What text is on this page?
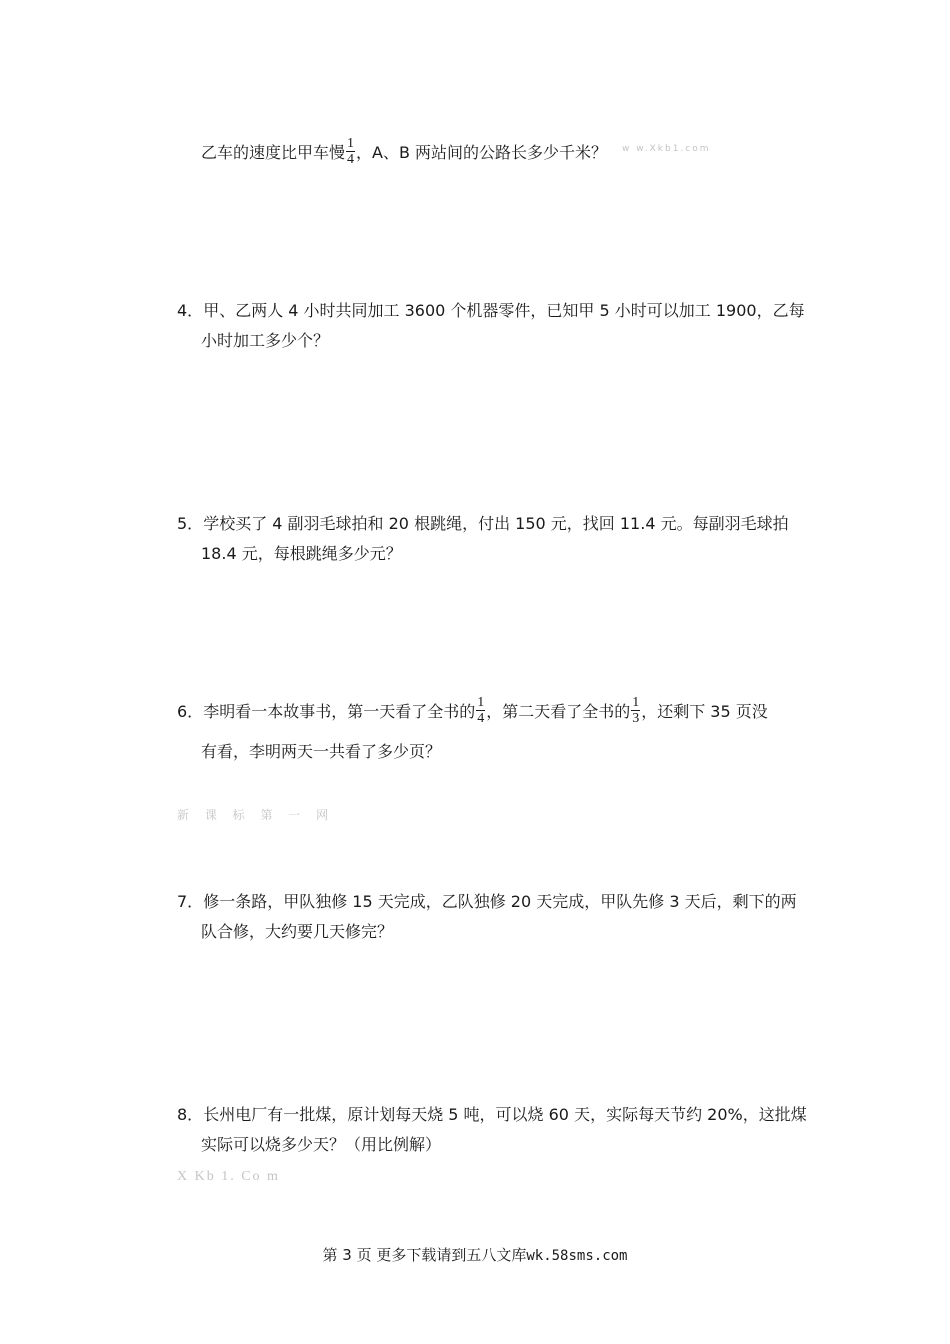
乙车的速度比甲车慢 $\frac{1}{4}$ ，A、B 两站间的公路长多少千米？ w w.Xkb1.com
4．甲、乙两人 4 小时共同加工 3600 个机器零件，已知甲 5 小时可以加工 1900，乙每
小时加工多少个？
5．学校买了 4 副羽毛球拍和 20 根跳绳，付出 150 元，找回 11.4 元。每副羽毛球拍
18.4 元，每根跳绳多少元？
6．李明看一本故事书，第一天看了全书的 $\frac{1}{4}$ ，第二天看了全书的 $\frac{1}{3}$ ，还剩下 35 页没
有看，李明两天一共看了多少页？
新 课 标 第 一 网
7．修一条路，甲队独修 15 天完成，乙队独修 20 天完成，甲队先修 3 天后，剩下的两
队合修，大约要几天修完？
8．长州电厂有一批煤，原计划每天烧 5 吨，可以烧 60 天，实际每天节约 20%，这批煤
实际可以烧多少天？（用比例解）
X Kb 1. Co m
第 3 页 更多下载请到五八文库wk.58sms.com
